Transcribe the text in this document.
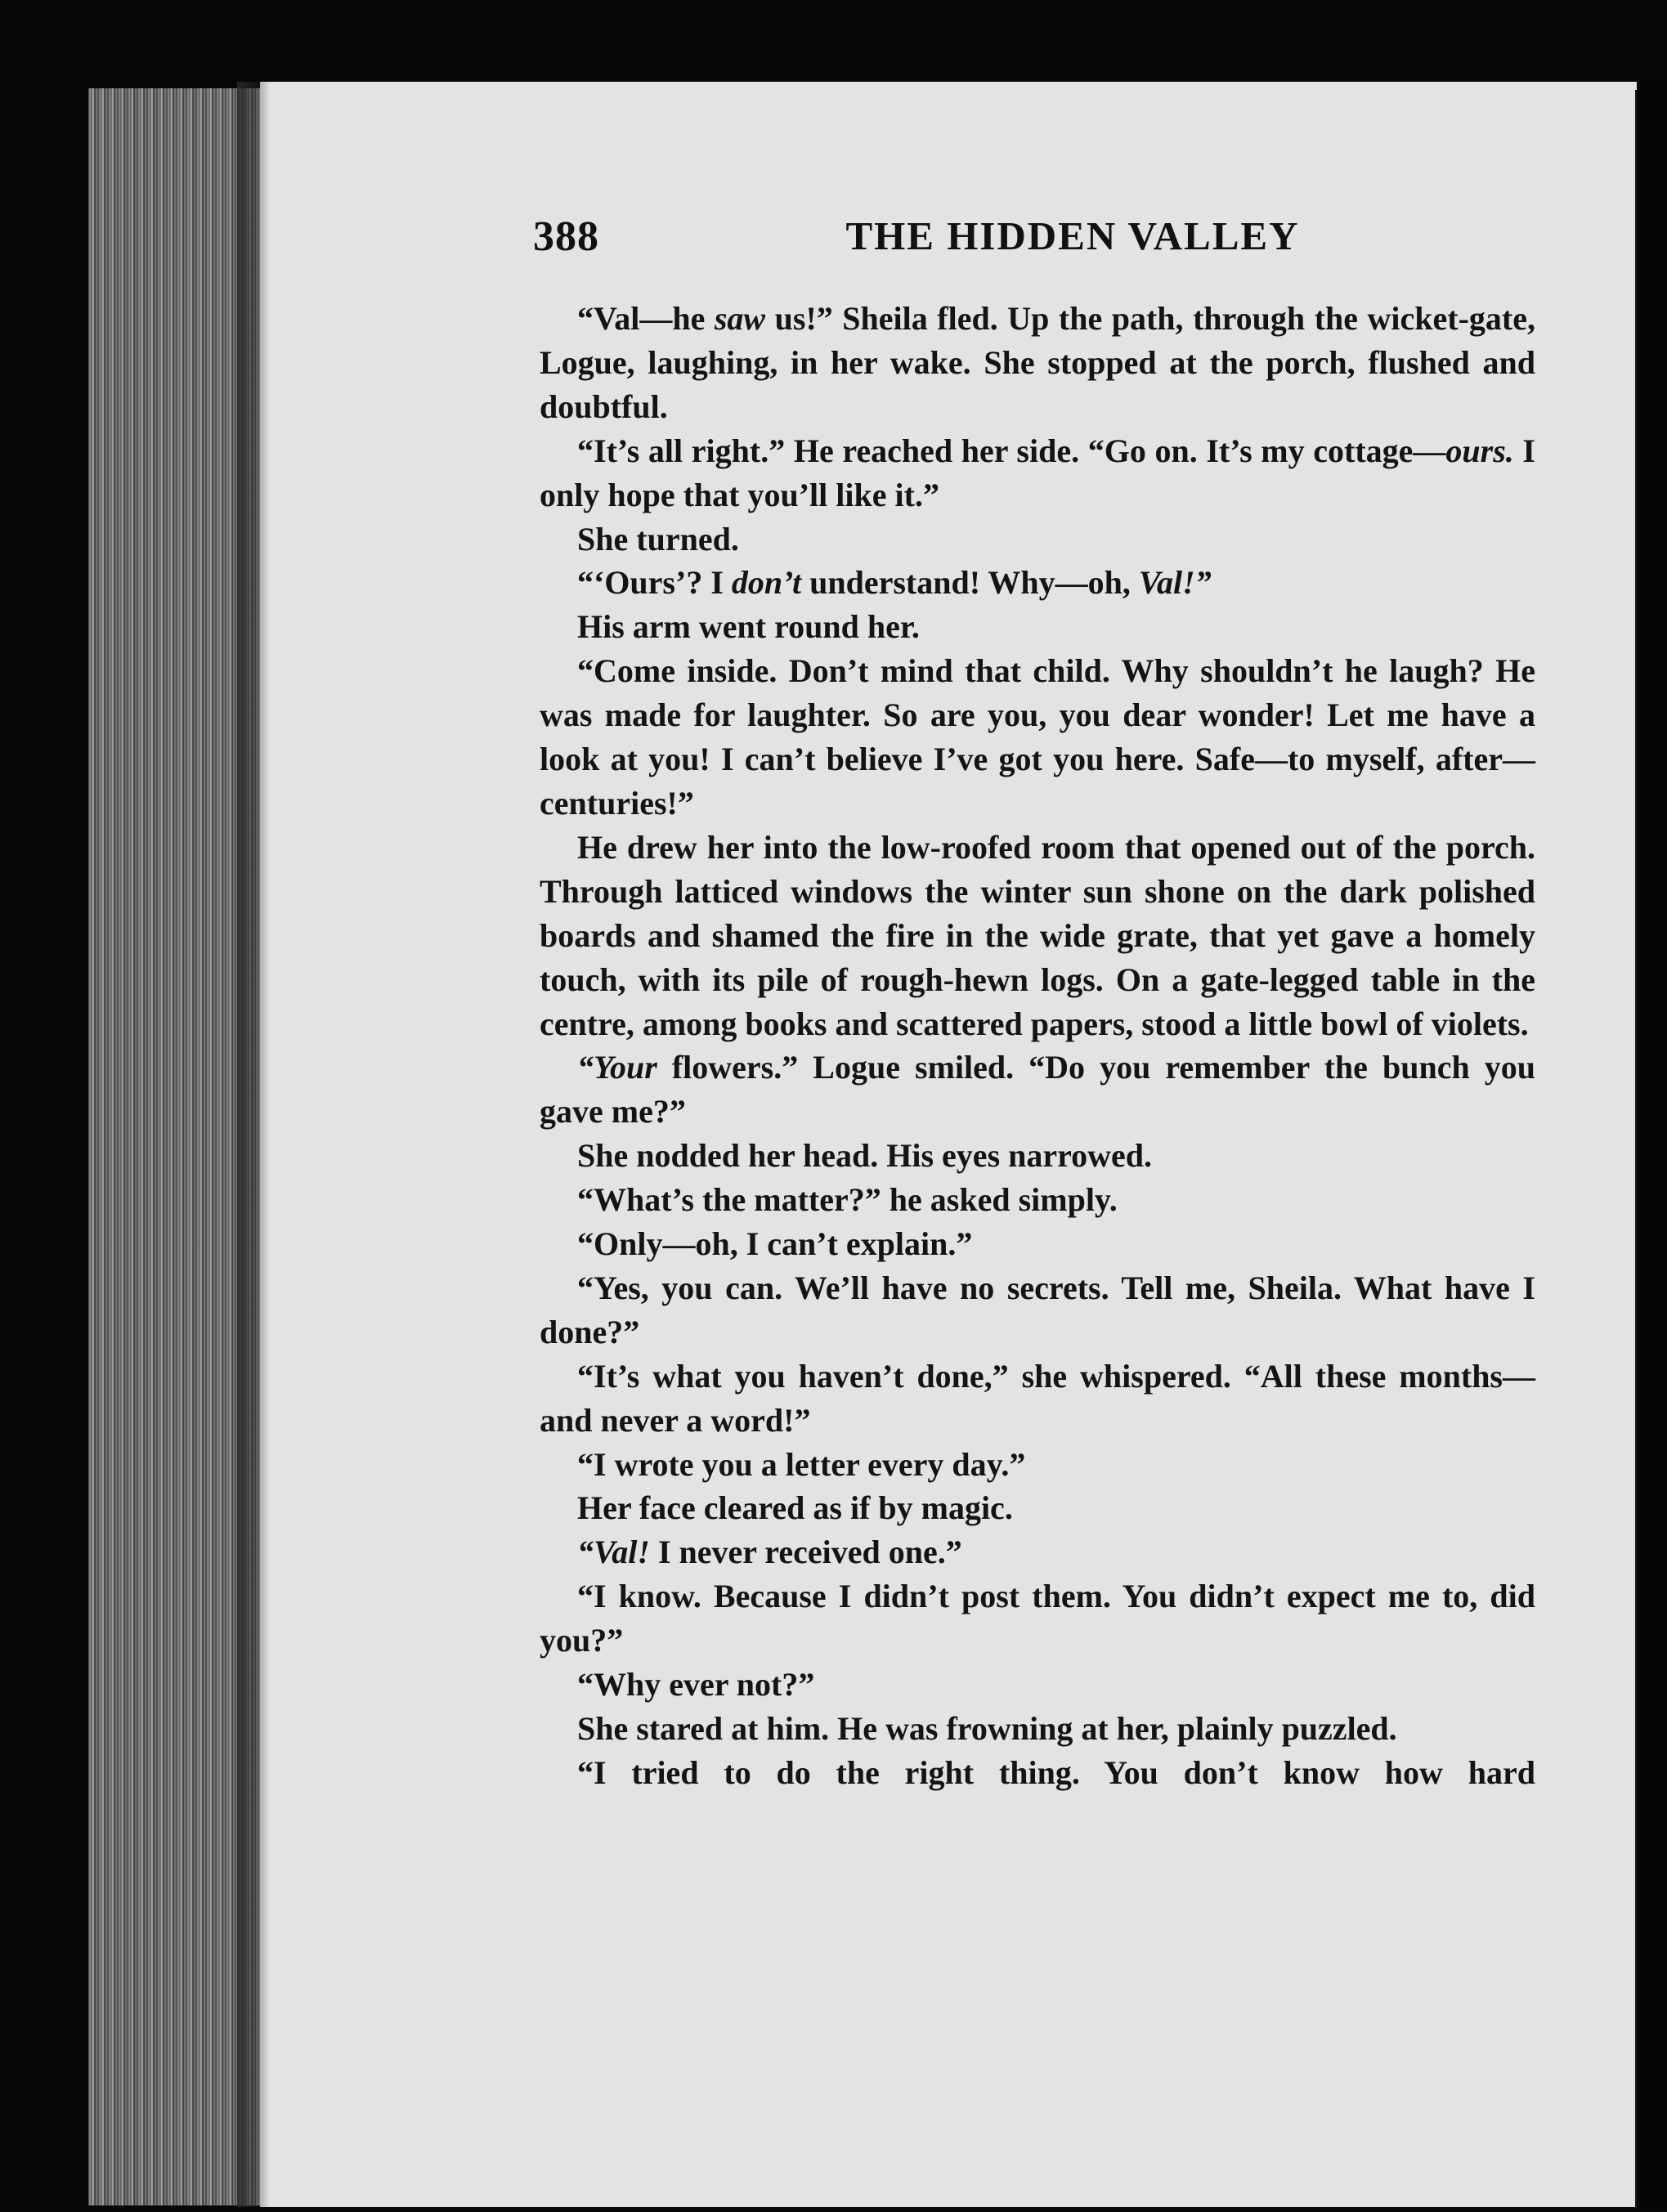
388	THE HIDDEN VALLEY

“Val—he saw us!” Sheila fled. Up the path, through the wicket-gate, Logue, laughing, in her wake. She stopped at the porch, flushed and doubtful.

“It’s all right.” He reached her side. “Go on. It’s my cottage—ours. I only hope that you’ll like it.”

She turned.

“‘Ours’? I don’t understand! Why—oh, Val!”

His arm went round her.

“Come inside. Don’t mind that child. Why shouldn’t he laugh? He was made for laughter. So are you, you dear wonder! Let me have a look at you! I can’t believe I’ve got you here. Safe—to myself, after—centuries!”

He drew her into the low-roofed room that opened out of the porch. Through latticed windows the winter sun shone on the dark polished boards and shamed the fire in the wide grate, that yet gave a homely touch, with its pile of rough-hewn logs. On a gate-legged table in the centre, among books and scattered papers, stood a little bowl of violets.

“Your flowers.” Logue smiled. “Do you remember the bunch you gave me?”

She nodded her head. His eyes narrowed.

“What’s the matter?” he asked simply.

“Only—oh, I can’t explain.”

“Yes, you can. We’ll have no secrets. Tell me, Sheila. What have I done?”

“It’s what you haven’t done,” she whispered. “All these months—and never a word!”

“I wrote you a letter every day.”

Her face cleared as if by magic.

“Val! I never received one.”

“I know. Because I didn’t post them. You didn’t expect me to, did you?”

“Why ever not?”

She stared at him. He was frowning at her, plainly puzzled.

“I tried to do the right thing. You don’t know how hard
